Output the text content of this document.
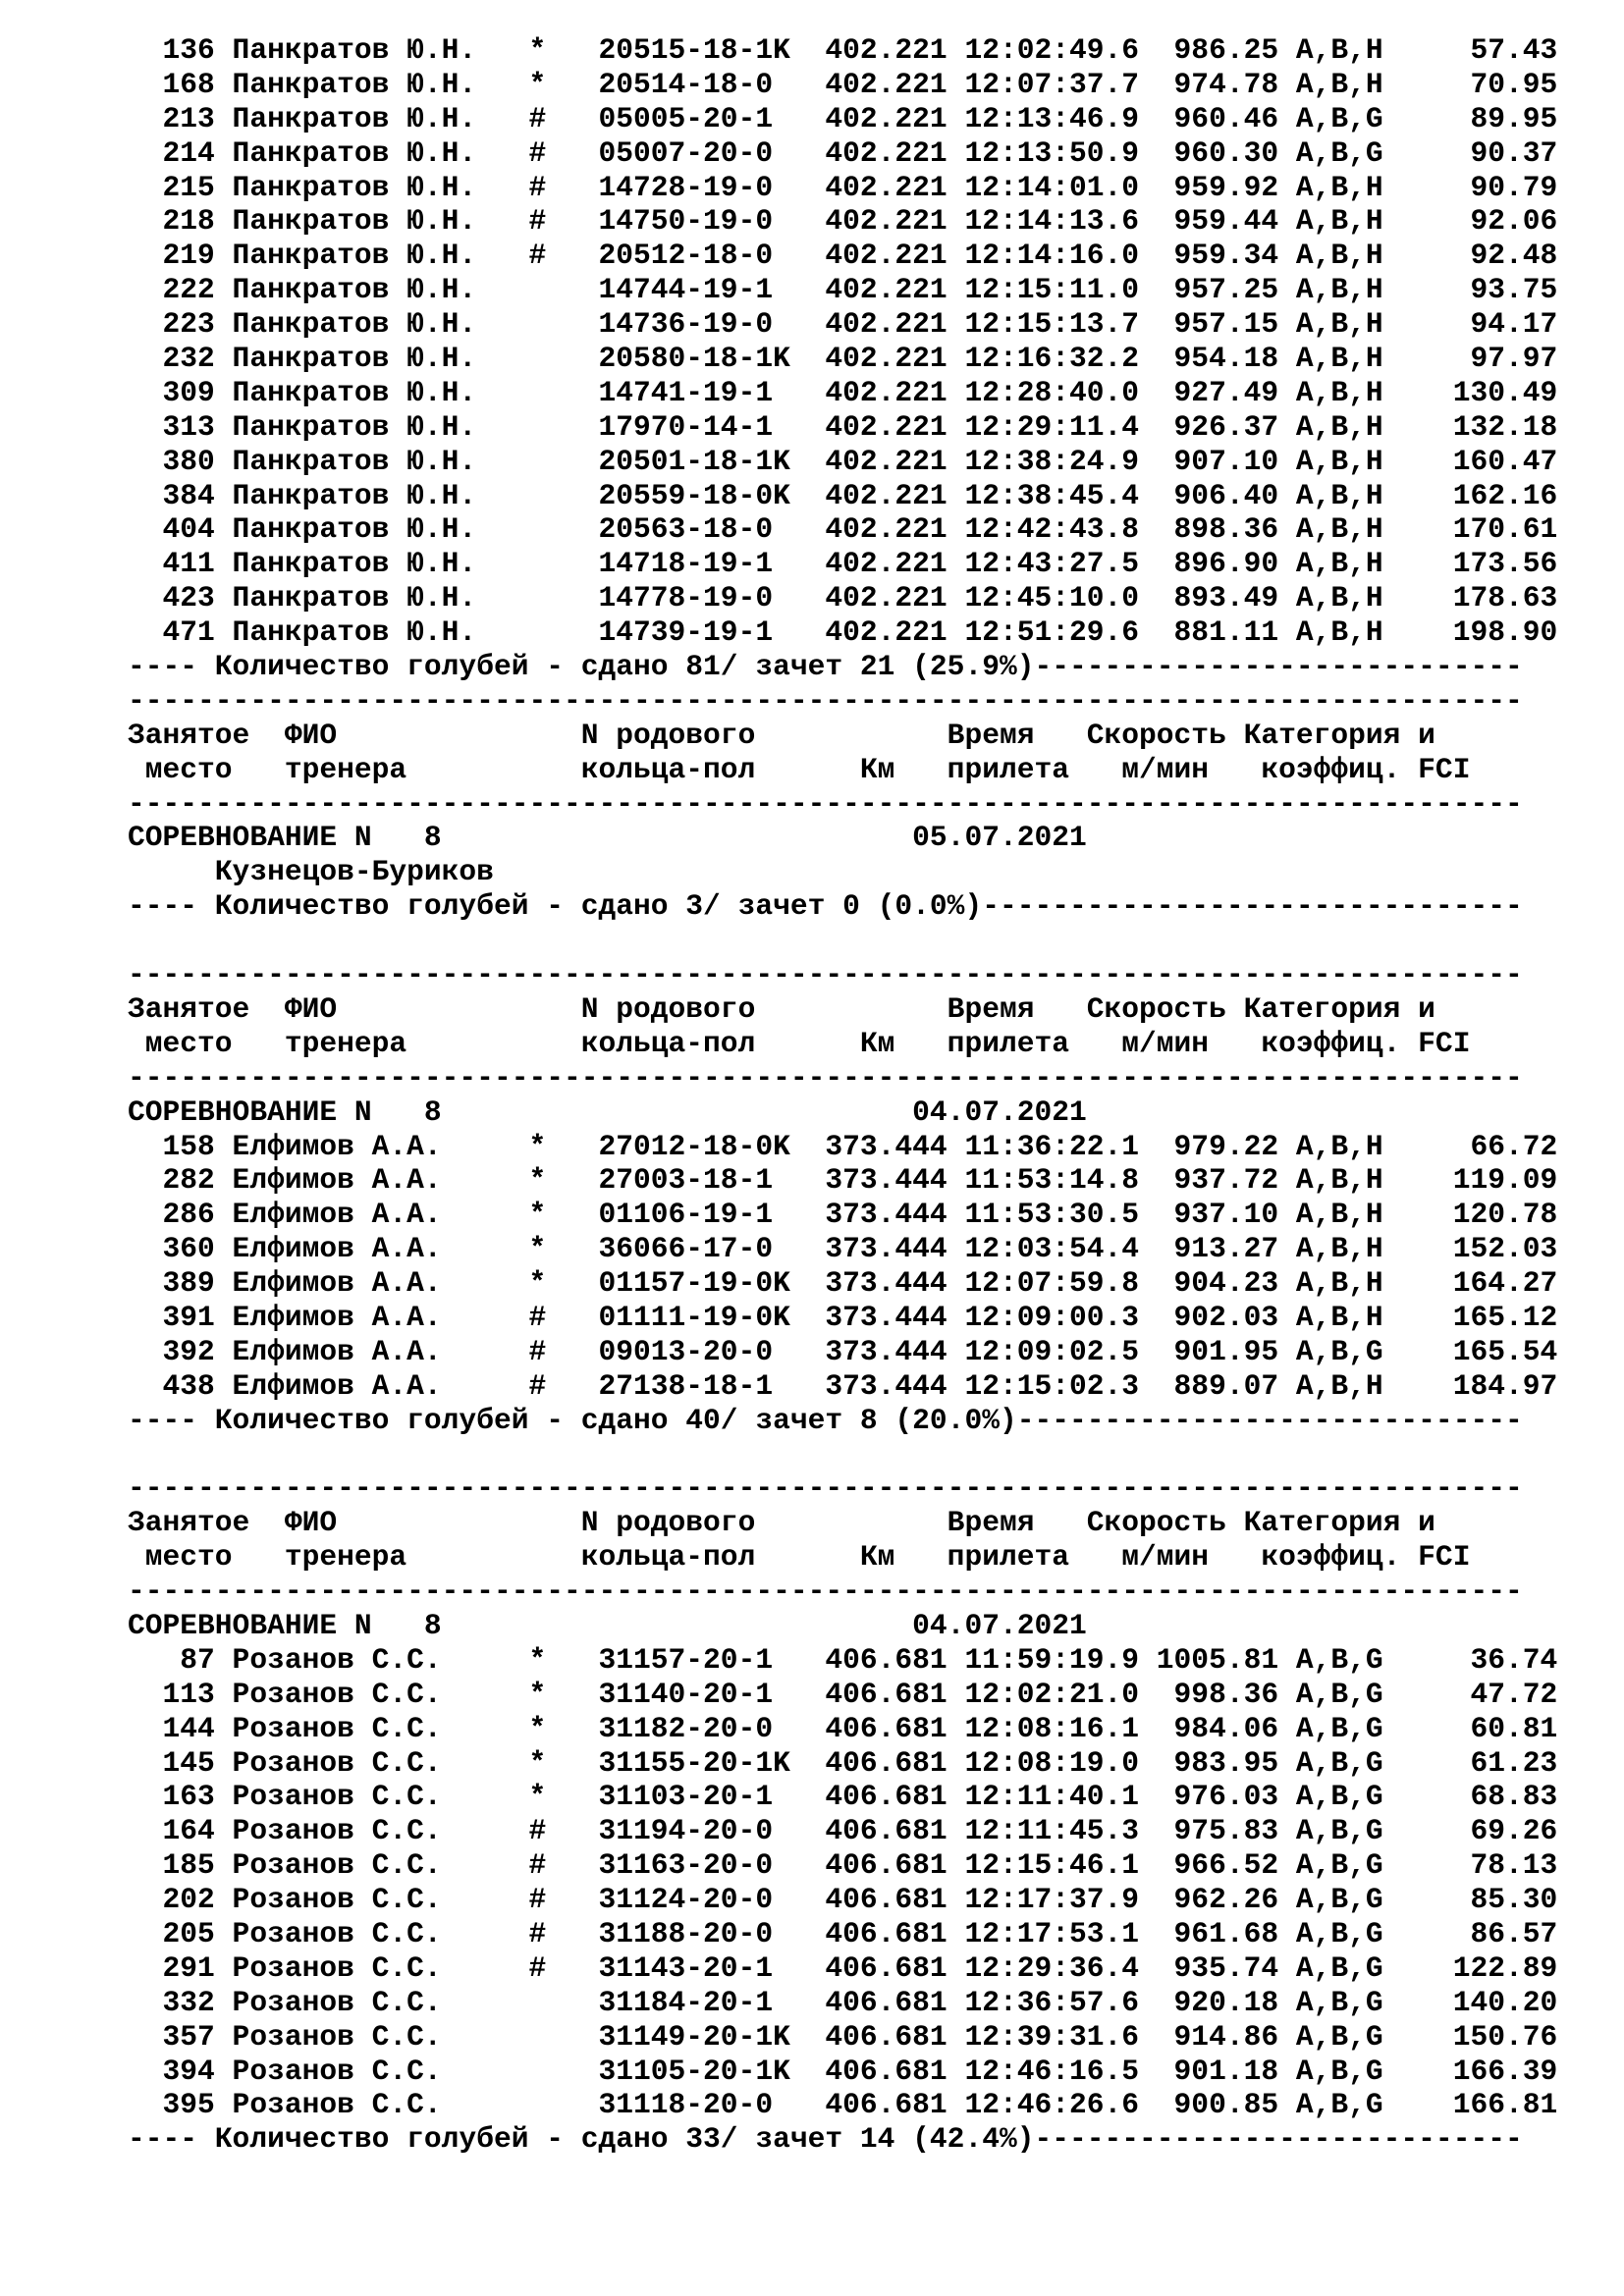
136 Панкратов Ю.Н.   *   20515-18-1K  402.221 12:02:49.6  986.25 A,B,H     57.43
168 Панкратов Ю.Н.   *   20514-18-0   402.221 12:07:37.7  974.78 A,B,H     70.95
213 Панкратов Ю.Н.   #   05005-20-1   402.221 12:13:46.9  960.46 A,B,G     89.95
214 Панкратов Ю.Н.   #   05007-20-0   402.221 12:13:50.9  960.30 A,B,G     90.37
215 Панкратов Ю.Н.   #   14728-19-0   402.221 12:14:01.0  959.92 A,B,H     90.79
218 Панкратов Ю.Н.   #   14750-19-0   402.221 12:14:13.6  959.44 A,B,H     92.06
219 Панкратов Ю.Н.   #   20512-18-0   402.221 12:14:16.0  959.34 A,B,H     92.48
222 Панкратов Ю.Н.       14744-19-1   402.221 12:15:11.0  957.25 A,B,H     93.75
223 Панкратов Ю.Н.       14736-19-0   402.221 12:15:13.7  957.15 A,B,H     94.17
232 Панкратов Ю.Н.       20580-18-1K  402.221 12:16:32.2  954.18 A,B,H     97.97
309 Панкратов Ю.Н.       14741-19-1   402.221 12:28:40.0  927.49 A,B,H    130.49
313 Панкратов Ю.Н.       17970-14-1   402.221 12:29:11.4  926.37 A,B,H    132.18
380 Панкратов Ю.Н.       20501-18-1K  402.221 12:38:24.9  907.10 A,B,H    160.47
384 Панкратов Ю.Н.       20559-18-0K  402.221 12:38:45.4  906.40 A,B,H    162.16
404 Панкратов Ю.Н.       20563-18-0   402.221 12:42:43.8  898.36 A,B,H    170.61
411 Панкратов Ю.Н.       14718-19-1   402.221 12:43:27.5  896.90 A,B,H    173.56
423 Панкратов Ю.Н.       14778-19-0   402.221 12:45:10.0  893.49 A,B,H    178.63
471 Панкратов Ю.Н.       14739-19-1   402.221 12:51:29.6  881.11 A,B,H    198.90
---- Количество голубей - сдано 81/ зачет 21 (25.9%)----------------------------
--------------------------------------------------------------------------------
Занятое  ФИО              N родового           Время   Скорость Категория и
место   тренера          кольца-пол      Км   прилета   м/мин   коэффиц. FCI
--------------------------------------------------------------------------------
СОРЕВНОВАНИЕ N   8                           05.07.2021
Кузнецов-Буриков
---- Количество голубей - сдано 3/ зачет 0 (0.0%)-------------------------------
--------------------------------------------------------------------------------
Занятое  ФИО              N родового           Время   Скорость Категория и
место   тренера          кольца-пол      Км   прилета   м/мин   коэффиц. FCI
--------------------------------------------------------------------------------
СОРЕВНОВАНИЕ N   8                           04.07.2021
158 Елфимов А.А.     *   27012-18-0K  373.444 11:36:22.1  979.22 A,B,H     66.72
282 Елфимов А.А.     *   27003-18-1   373.444 11:53:14.8  937.72 A,B,H    119.09
286 Елфимов А.А.     *   01106-19-1   373.444 11:53:30.5  937.10 A,B,H    120.78
360 Елфимов А.А.     *   36066-17-0   373.444 12:03:54.4  913.27 A,B,H    152.03
389 Елфимов А.А.     *   01157-19-0K  373.444 12:07:59.8  904.23 A,B,H    164.27
391 Елфимов А.А.     #   01111-19-0K  373.444 12:09:00.3  902.03 A,B,H    165.12
392 Елфимов А.А.     #   09013-20-0   373.444 12:09:02.5  901.95 A,B,G    165.54
438 Елфимов А.А.     #   27138-18-1   373.444 12:15:02.3  889.07 A,B,H    184.97
---- Количество голубей - сдано 40/ зачет 8 (20.0%)-----------------------------
--------------------------------------------------------------------------------
Занятое  ФИО              N родового           Время   Скорость Категория и
место   тренера          кольца-пол      Км   прилета   м/мин   коэффиц. FCI
--------------------------------------------------------------------------------
СОРЕВНОВАНИЕ N   8                           04.07.2021
87 Розанов С.С.     *   31157-20-1   406.681 11:59:19.9 1005.81 A,B,G     36.74
113 Розанов С.С.     *   31140-20-1   406.681 12:02:21.0  998.36 A,B,G     47.72
144 Розанов С.С.     *   31182-20-0   406.681 12:08:16.1  984.06 A,B,G     60.81
145 Розанов С.С.     *   31155-20-1K  406.681 12:08:19.0  983.95 A,B,G     61.23
163 Розанов С.С.     *   31103-20-1   406.681 12:11:40.1  976.03 A,B,G     68.83
164 Розанов С.С.     #   31194-20-0   406.681 12:11:45.3  975.83 A,B,G     69.26
185 Розанов С.С.     #   31163-20-0   406.681 12:15:46.1  966.52 A,B,G     78.13
202 Розанов С.С.     #   31124-20-0   406.681 12:17:37.9  962.26 A,B,G     85.30
205 Розанов С.С.     #   31188-20-0   406.681 12:17:53.1  961.68 A,B,G     86.57
291 Розанов С.С.     #   31143-20-1   406.681 12:29:36.4  935.74 A,B,G    122.89
332 Розанов С.С.         31184-20-1   406.681 12:36:57.6  920.18 A,B,G    140.20
357 Розанов С.С.         31149-20-1K  406.681 12:39:31.6  914.86 A,B,G    150.76
394 Розанов С.С.         31105-20-1K  406.681 12:46:16.5  901.18 A,B,G    166.39
395 Розанов С.С.         31118-20-0   406.681 12:46:26.6  900.85 A,B,G    166.81
---- Количество голубей - сдано 33/ зачет 14 (42.4%)----------------------------
